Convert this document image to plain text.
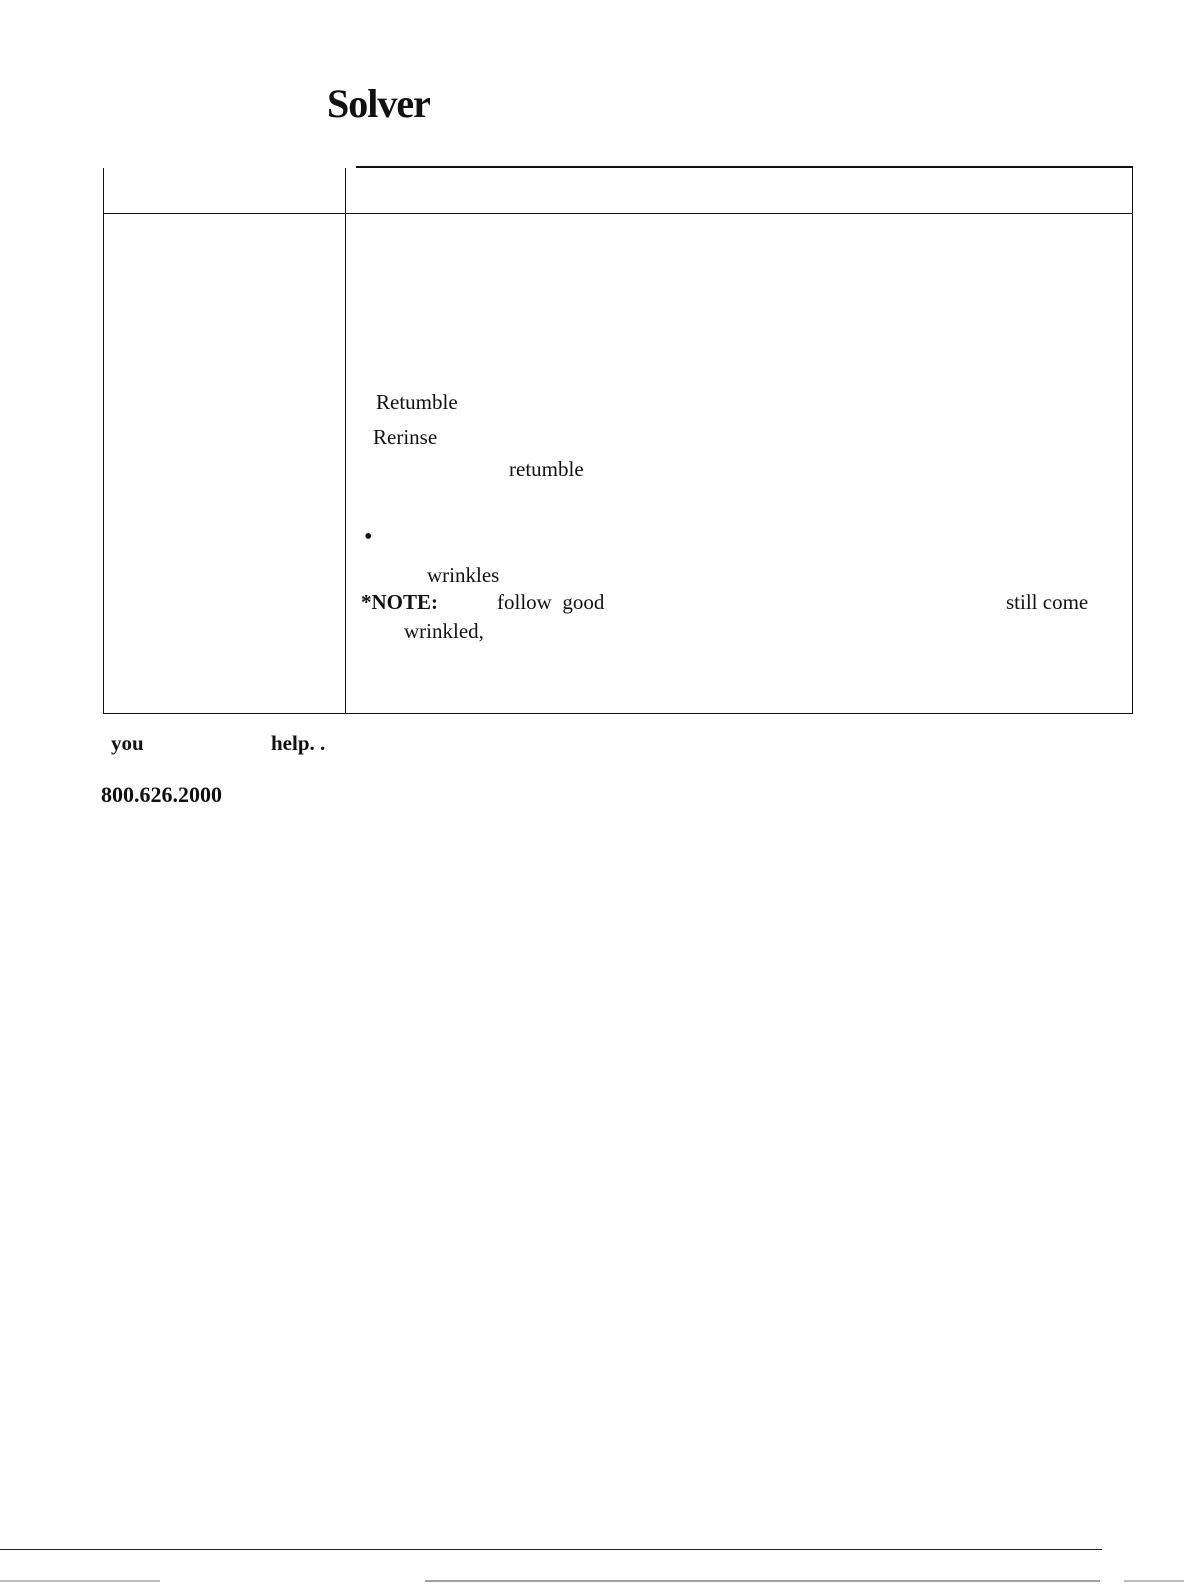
Solver
Retumble
Rerinse
retumble
•
wrinkles
*NOTE:	follow  good	still come
wrinkled,
you	help. .
800.626.2000
